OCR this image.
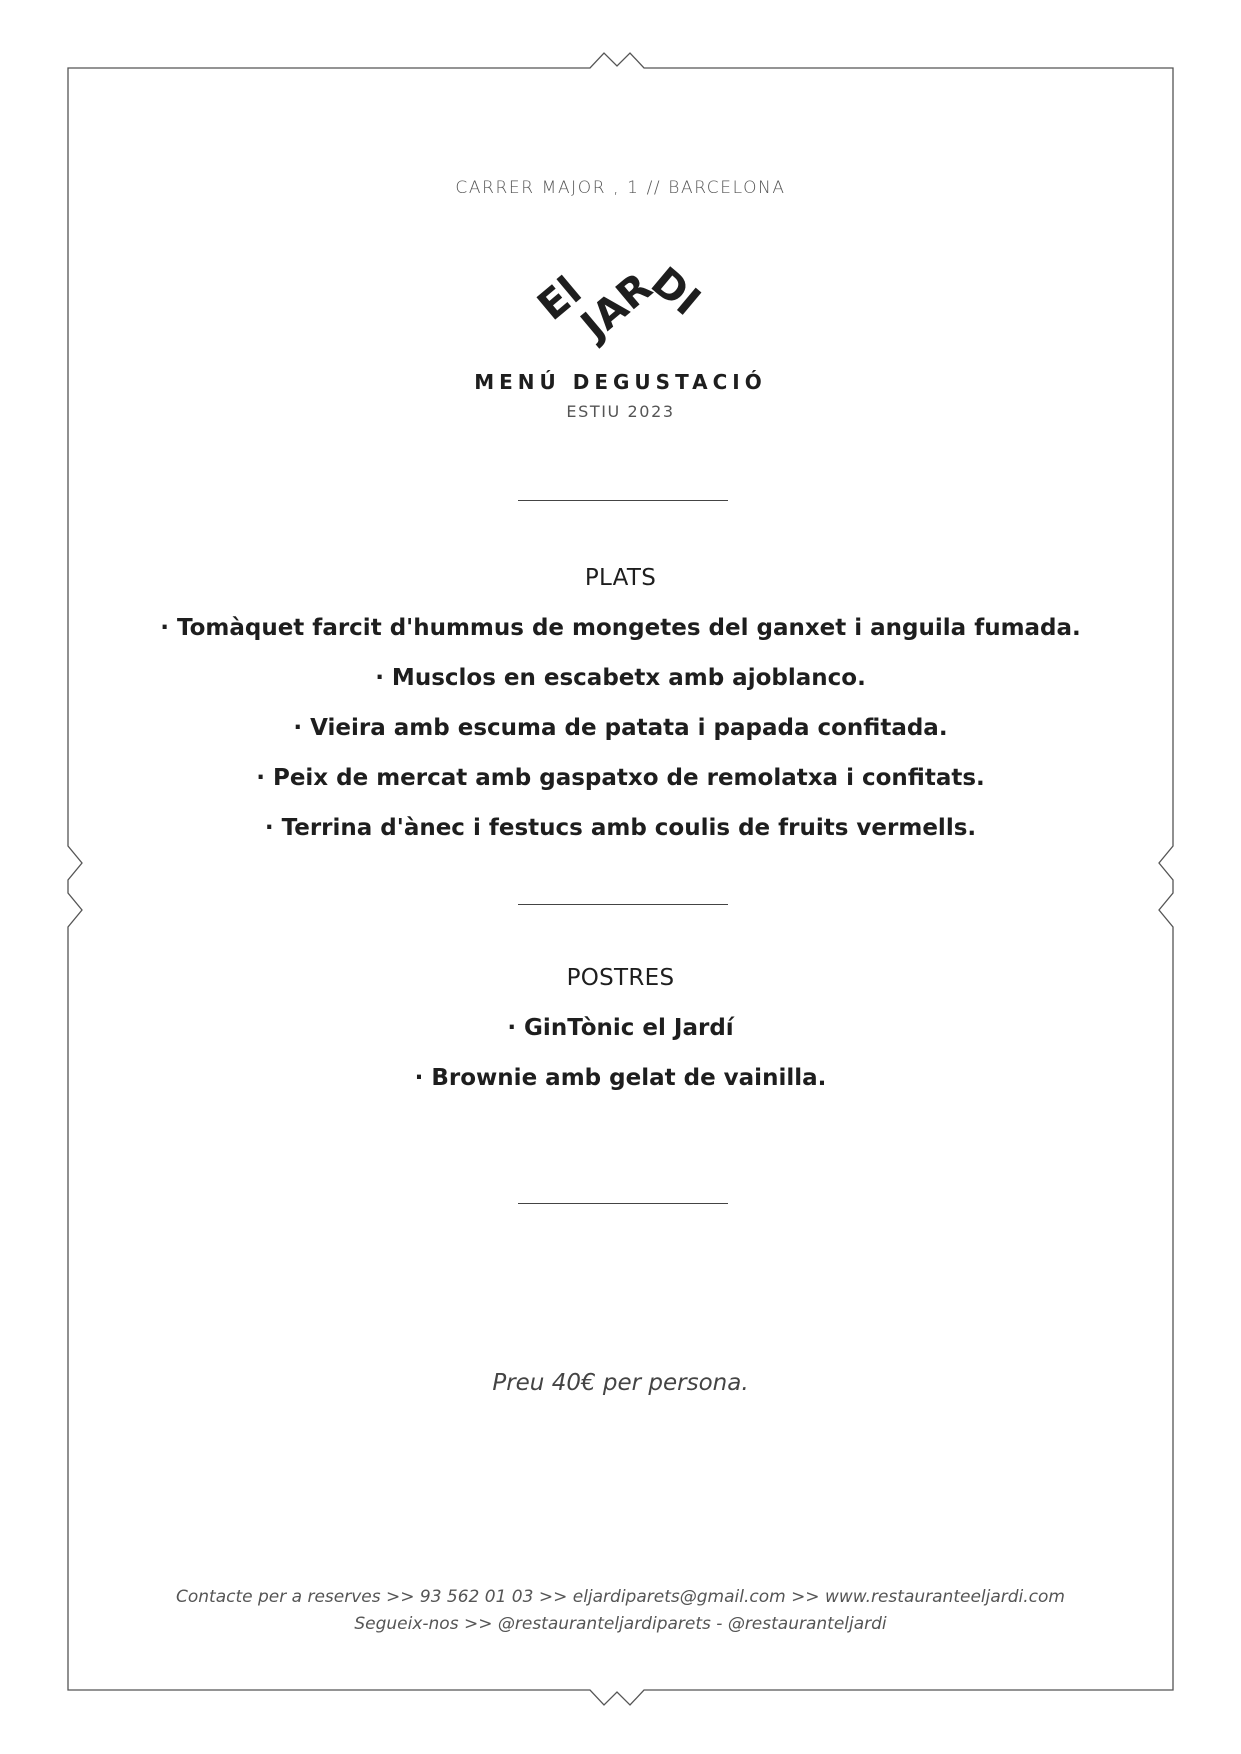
CARRER MAJOR , 1 // BARCELONA
El
JAR
DI
MENÚ DEGUSTACIÓ
ESTIU 2023
PLATS
· Tomàquet farcit d'hummus de mongetes del ganxet i anguila fumada.
· Musclos en escabetx amb ajoblanco.
· Vieira amb escuma de patata i papada confitada.
· Peix de mercat amb gaspatxo de remolatxa i confitats.
· Terrina d'ànec i festucs amb coulis de fruits vermells.
POSTRES
· GinTònic el Jardí
· Brownie amb gelat de vainilla.
Preu 40€ per persona.
Contacte per a reserves >> 93 562 01 03 >> eljardiparets@gmail.com >> www.restauranteeljardi.com
Segueix-nos >> @restauranteljardiparets - @restauranteljardi
